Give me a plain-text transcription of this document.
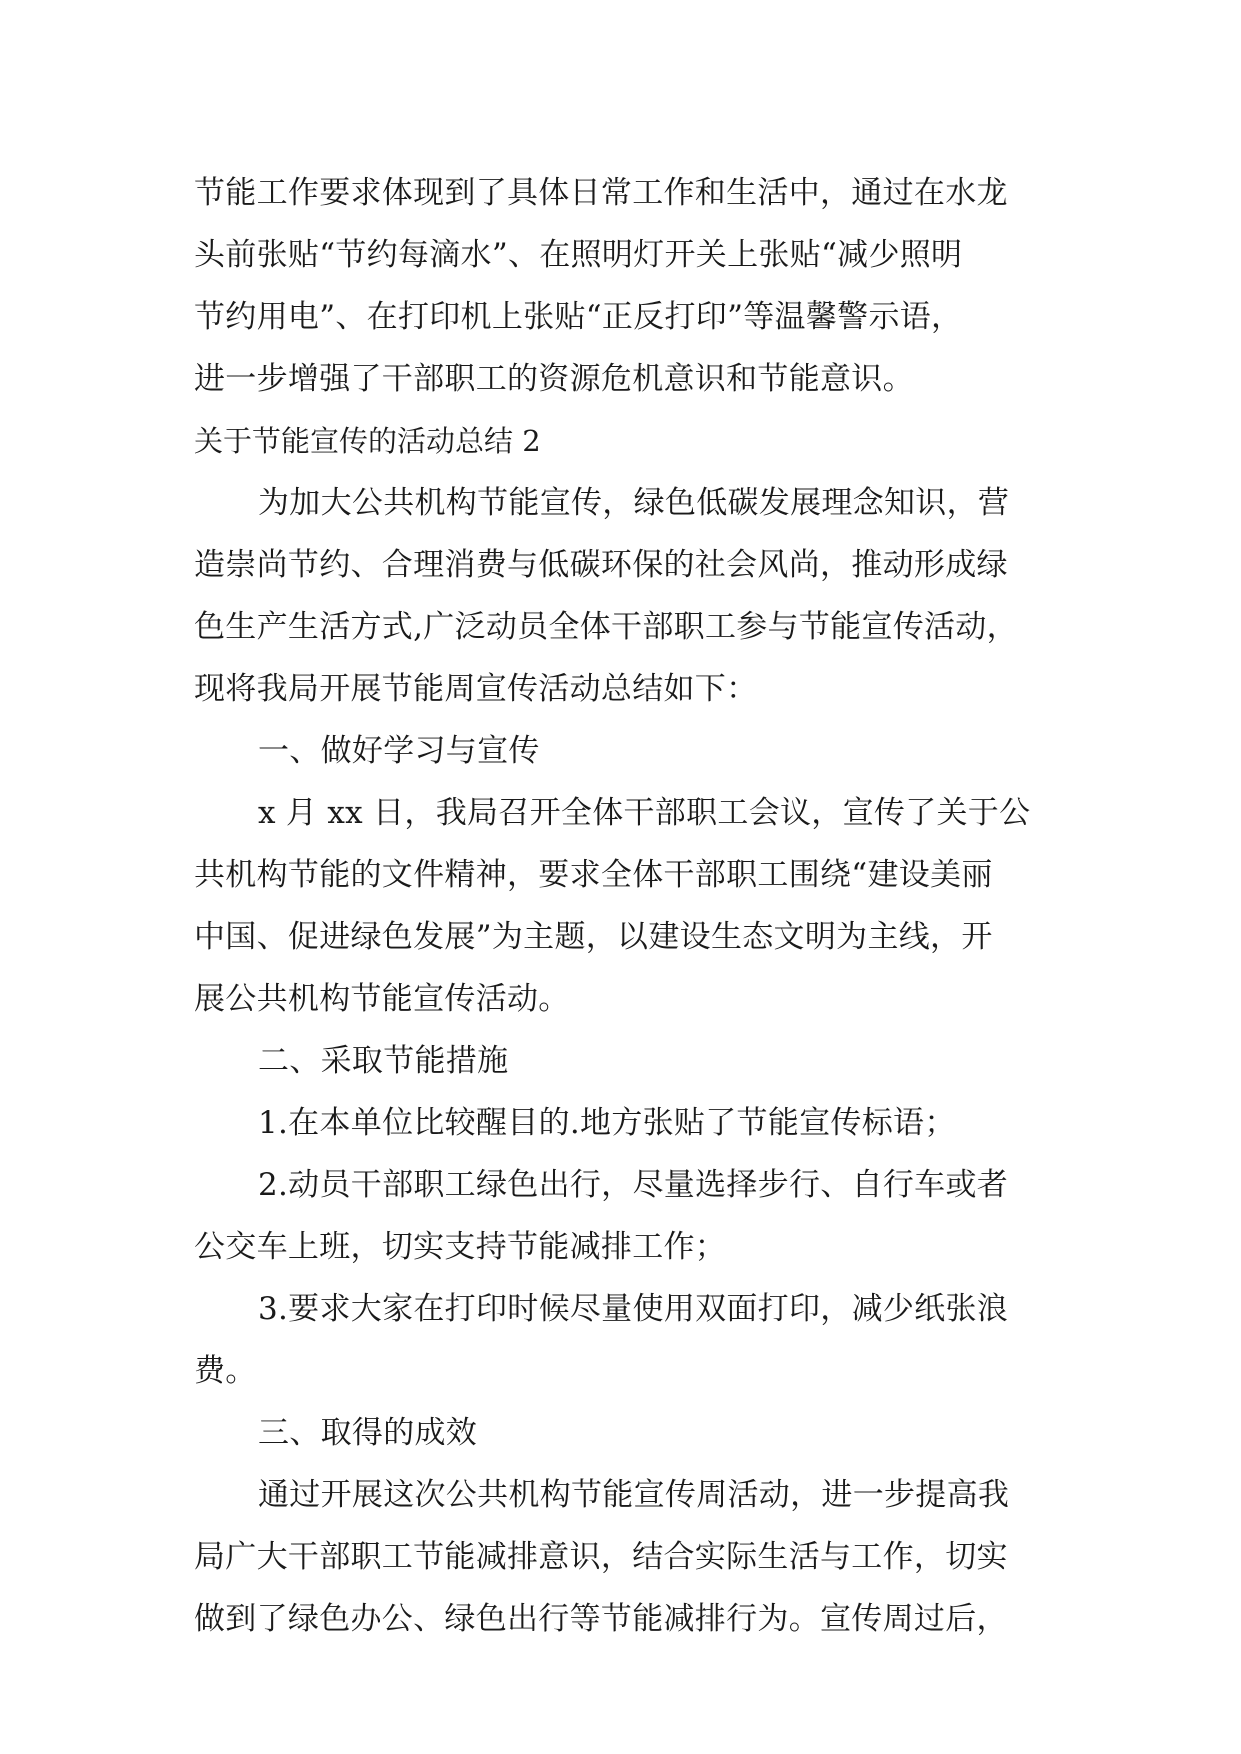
节能工作要求体现到了具体日常工作和生活中，通过在水龙
头前张贴“节约每滴水”、在照明灯开关上张贴“减少照明
节约用电”、在打印机上张贴“正反打印”等温馨警示语，
进一步增强了干部职工的资源危机意识和节能意识。
关于节能宣传的活动总结 2
为加大公共机构节能宣传，绿色低碳发展理念知识，营
造崇尚节约、合理消费与低碳环保的社会风尚，推动形成绿
色生产生活方式,广泛动员全体干部职工参与节能宣传活动，
现将我局开展节能周宣传活动总结如下：
一、做好学习与宣传
x 月 xx 日，我局召开全体干部职工会议，宣传了关于公
共机构节能的文件精神，要求全体干部职工围绕“建设美丽
中国、促进绿色发展”为主题，以建设生态文明为主线，开
展公共机构节能宣传活动。
二、采取节能措施
1.在本单位比较醒目的.地方张贴了节能宣传标语；
2.动员干部职工绿色出行，尽量选择步行、自行车或者
公交车上班，切实支持节能减排工作；
3.要求大家在打印时候尽量使用双面打印，减少纸张浪
费。
三、取得的成效
通过开展这次公共机构节能宣传周活动，进一步提高我
局广大干部职工节能减排意识，结合实际生活与工作，切实
做到了绿色办公、绿色出行等节能减排行为。宣传周过后，
